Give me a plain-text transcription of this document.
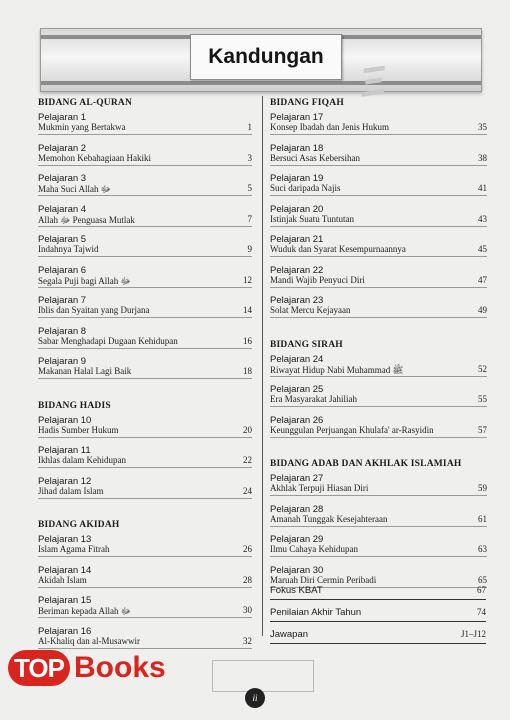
Kandungan
Ξ
BIDANG AL-QURAN
Pelajaran 1
Mukmin yang Bertakwa	1
Pelajaran 2
Memohon Kebahagiaan Hakiki	3
Pelajaran 3
Maha Suci Allah ﷻ	5
Pelajaran 4
Allah ﷻ Penguasa Mutlak	7
Pelajaran 5
Indahnya Tajwid	9
Pelajaran 6
Segala Puji bagi Allah ﷻ	12
Pelajaran 7
Iblis dan Syaitan yang Durjana	14
Pelajaran 8
Sabar Menghadapi Dugaan Kehidupan	16
Pelajaran 9
Makanan Halal Lagi Baik	18
BIDANG HADIS
Pelajaran 10
Hadis Sumber Hukum	20
Pelajaran 11
Ikhlas dalam Kehidupan	22
Pelajaran 12
Jihad dalam Islam	24
BIDANG AKIDAH
Pelajaran 13
Islam Agama Fitrah	26
Pelajaran 14
Akidah Islam	28
Pelajaran 15
Beriman kepada Allah ﷻ	30
Pelajaran 16
Al-Khaliq dan al-Musawwir	32
BIDANG FIQAH
Pelajaran 17
Konsep Ibadah dan Jenis Hukum	35
Pelajaran 18
Bersuci Asas Kebersihan	38
Pelajaran 19
Suci daripada Najis	41
Pelajaran 20
Istinjak Suatu Tuntutan	43
Pelajaran 21
Wuduk dan Syarat Kesempurnaannya	45
Pelajaran 22
Mandi Wajib Penyuci Diri	47
Pelajaran 23
Solat Mercu Kejayaan	49
BIDANG SIRAH
Pelajaran 24
Riwayat Hidup Nabi Muhammad ﷺ	52
Pelajaran 25
Era Masyarakat Jahiliah	55
Pelajaran 26
Keunggulan Perjuangan Khulafa' ar-Rasyidin	57
BIDANG ADAB DAN AKHLAK ISLAMIAH
Pelajaran 27
Akhlak Terpuji Hiasan Diri	59
Pelajaran 28
Amanah Tunggak Kesejahteraan	61
Pelajaran 29
Ilmu Cahaya Kehidupan	63
Pelajaran 30
Maruah Diri Cermin Peribadi	65
Fokus KBAT	67
Penilaian Akhir Tahun	74
Jawapan	J1–J12
ii
TOP Books
